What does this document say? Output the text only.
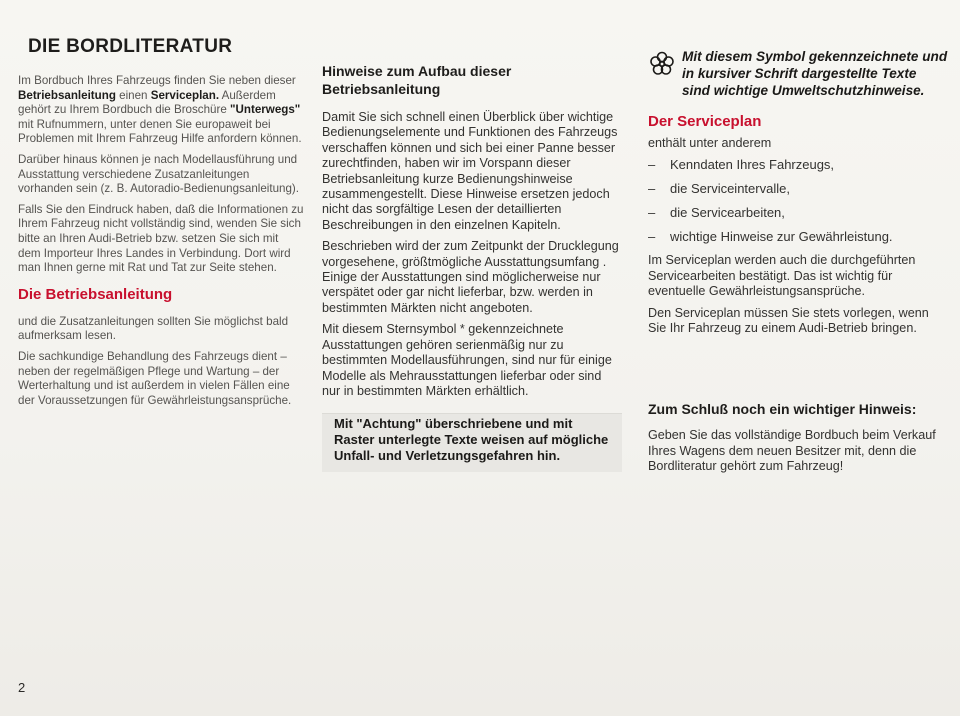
DIE BORDLITERATUR

Im Bordbuch Ihres Fahrzeugs finden Sie neben dieser Betriebsanleitung einen Serviceplan. Außerdem gehört zu Ihrem Bordbuch die Broschüre "Unterwegs" mit Rufnummern, unter denen Sie europaweit bei Problemen mit Ihrem Fahrzeug Hilfe anfordern können.

Darüber hinaus können je nach Modellausführung und Ausstattung verschiedene Zusatzanleitungen vorhanden sein (z. B. Autoradio-Bedienungsanleitung).

Falls Sie den Eindruck haben, daß die Informationen zu Ihrem Fahrzeug nicht vollständig sind, wenden Sie sich bitte an Ihren Audi-Betrieb bzw. setzen Sie sich mit dem Importeur Ihres Landes in Verbindung. Dort wird man Ihnen gerne mit Rat und Tat zur Seite stehen.

Die Betriebsanleitung

und die Zusatzanleitungen sollten Sie möglichst bald aufmerksam lesen.

Die sachkundige Behandlung des Fahrzeugs dient – neben der regelmäßigen Pflege und Wartung – der Werterhaltung und ist außerdem in vielen Fällen eine der Voraussetzungen für Gewährleistungsansprüche.

Hinweise zum Aufbau dieser Betriebsanleitung

Damit Sie sich schnell einen Überblick über wichtige Bedienungselemente und Funktionen des Fahrzeugs verschaffen können und sich bei einer Panne besser zurechtfinden, haben wir im Vorspann dieser Betriebsanleitung kurze Bedienungshinweise zusammengestellt. Diese Hinweise ersetzen jedoch nicht das sorgfältige Lesen der detaillierten Beschreibungen in den einzelnen Kapiteln.

Beschrieben wird der zum Zeitpunkt der Drucklegung vorgesehene, größtmögliche Ausstattungsumfang . Einige der Ausstattungen sind möglicherweise nur verspätet oder gar nicht lieferbar, bzw. werden in bestimmten Märkten nicht angeboten.

Mit diesem Sternsymbol * gekennzeichnete Ausstattungen gehören serienmäßig nur zu bestimmten Modellausführungen, sind nur für einige Modelle als Mehrausstattungen lieferbar oder sind nur in bestimmten Märkten erhältlich.

Mit "Achtung" überschriebene und mit Raster unterlegte Texte weisen auf mögliche Unfall- und Verletzungsgefahren hin.
Mit diesem Symbol gekennzeichnete und in kursiver Schrift dargestellte Texte sind wichtige Umweltschutzhinweise.
Der Serviceplan

enthält unter anderem

–	Kenndaten Ihres Fahrzeugs,
–	die Serviceintervalle,
–	die Servicearbeiten,
–	wichtige Hinweise zur Gewährleistung.

Im Serviceplan werden auch die durchgeführten Servicearbeiten bestätigt. Das ist wichtig für eventuelle Gewährleistungsansprüche.

Den Serviceplan müssen Sie stets vorlegen, wenn Sie Ihr Fahrzeug zu einem Audi-Betrieb bringen.

Zum Schluß noch ein wichtiger Hinweis:

Geben Sie das vollständige Bordbuch beim Verkauf Ihres Wagens dem neuen Besitzer mit, denn die Bordliteratur gehört zum Fahrzeug!

2
